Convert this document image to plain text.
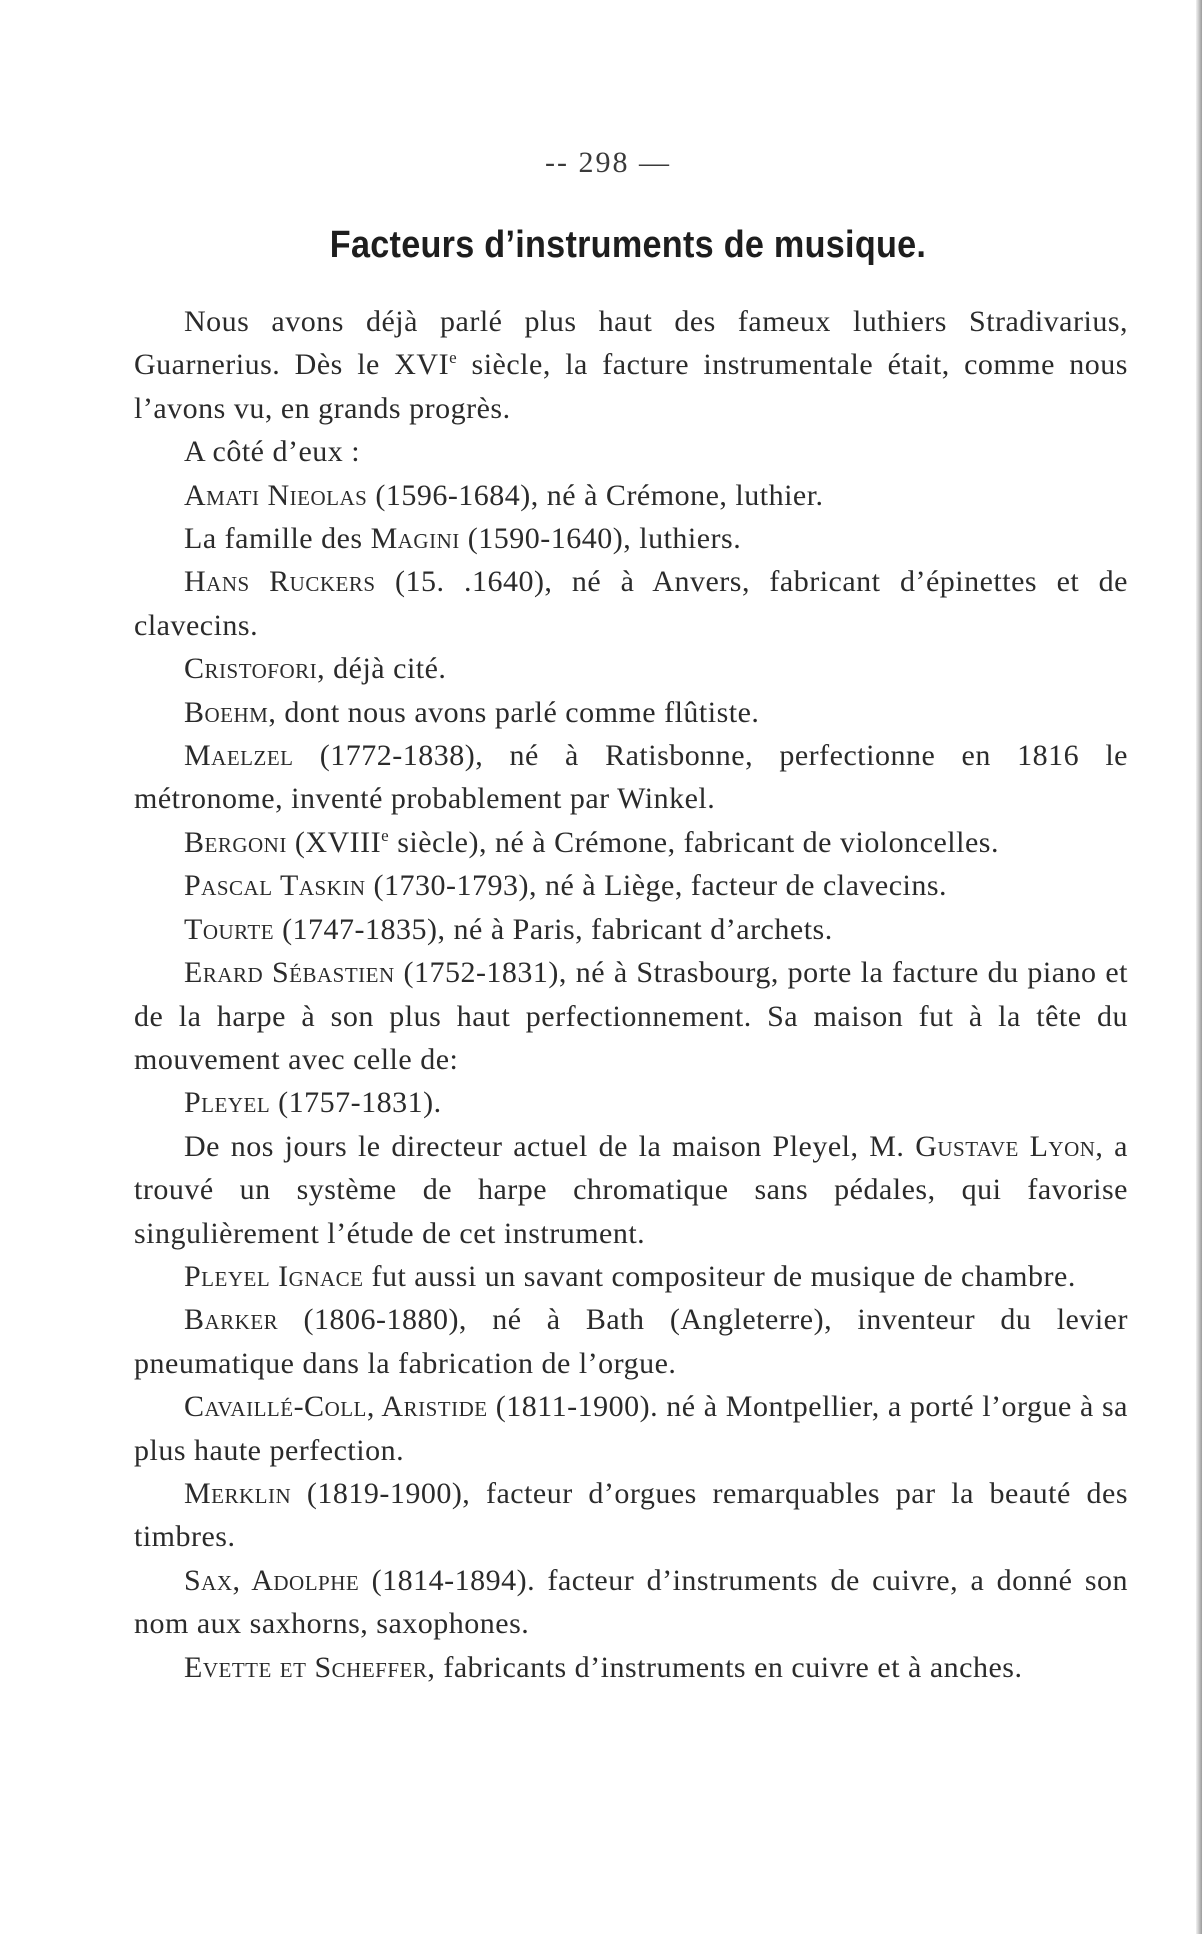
-- 298 —
Facteurs d’instruments de musique.

Nous avons déjà parlé plus haut des fameux luthiers Stradivarius, Guarnerius. Dès le XVIe siècle, la facture instrumentale était, comme nous l’avons vu, en grands progrès.

A côté d’eux :

Amati Nieolas (1596-1684), né à Crémone, luthier.

La famille des Magini (1590-1640), luthiers.

Hans Ruckers (15. .1640), né à Anvers, fabricant d’épinettes et de clavecins.

Cristofori, déjà cité.

Boehm, dont nous avons parlé comme flûtiste.

Maelzel (1772-1838), né à Ratisbonne, perfectionne en 1816 le métronome, inventé probablement par Winkel.

Bergoni (XVIIIe siècle), né à Crémone, fabricant de violoncelles.

Pascal Taskin (1730-1793), né à Liège, facteur de clavecins.

Tourte (1747-1835), né à Paris, fabricant d’archets.

Erard Sébastien (1752-1831), né à Strasbourg, porte la facture du piano et de la harpe à son plus haut perfectionnement. Sa maison fut à la tête du mouvement avec celle de:

Pleyel (1757-1831).

De nos jours le directeur actuel de la maison Pleyel, M. Gustave Lyon, a trouvé un système de harpe chromatique sans pédales, qui favorise singulièrement l’étude de cet instrument.

Pleyel Ignace fut aussi un savant compositeur de musique de chambre.

Barker (1806-1880), né à Bath (Angleterre), inventeur du levier pneumatique dans la fabrication de l’orgue.

Cavaillé-Coll, Aristide (1811-1900). né à Montpellier, a porté l’orgue à sa plus haute perfection.

Merklin (1819-1900), facteur d’orgues remarquables par la beauté des timbres.

Sax, Adolphe (1814-1894). facteur d’instruments de cuivre, a donné son nom aux saxhorns, saxophones.

Evette et Scheffer, fabricants d’instruments en cuivre et à anches.
